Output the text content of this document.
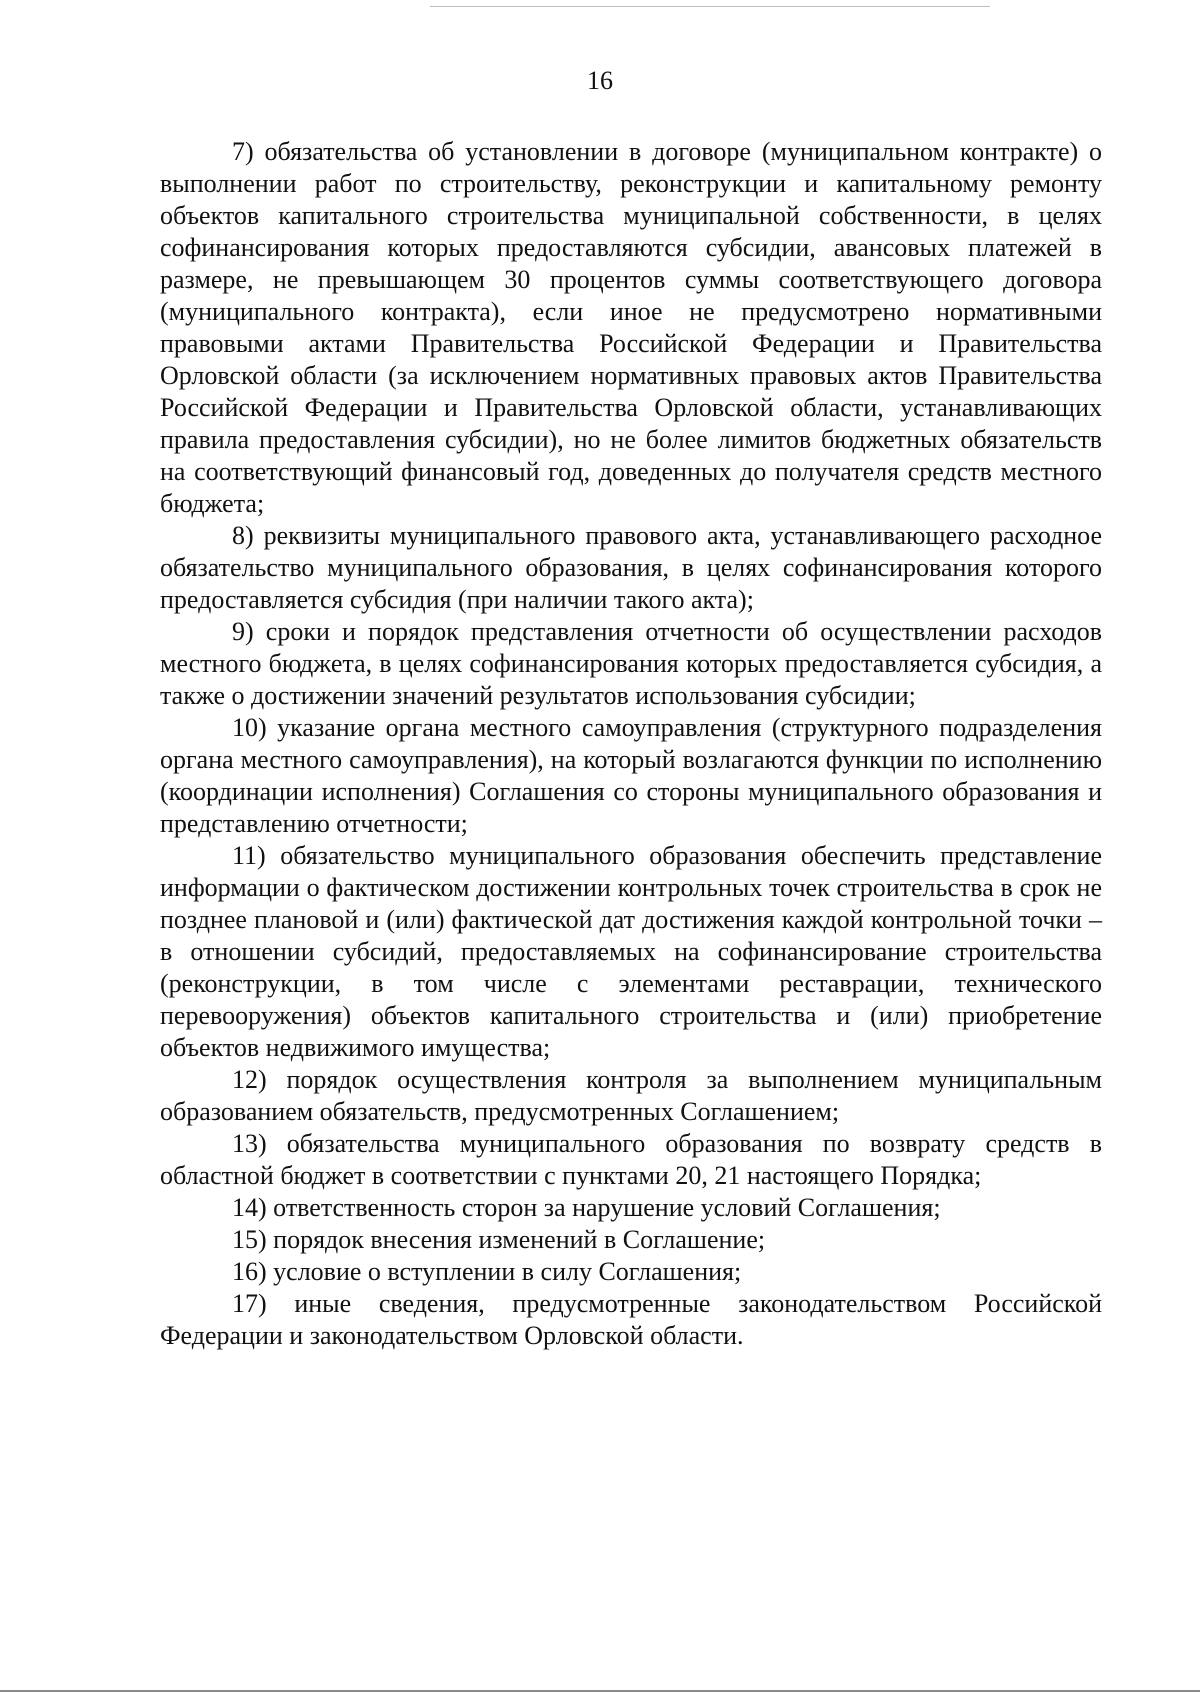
16

7) обязательства об установлении в договоре (муниципальном контракте) о выполнении работ по строительству, реконструкции и капитальному ремонту объектов капитального строительства муниципальной собственности, в целях софинансирования которых предоставляются субсидии, авансовых платежей в размере, не превышающем 30 процентов суммы соответствующего договора (муниципального контракта), если иное не предусмотрено нормативными правовыми актами Правительства Российской Федерации и Правительства Орловской области (за исключением нормативных правовых актов Правительства Российской Федерации и Правительства Орловской области, устанавливающих правила предоставления субсидии), но не более лимитов бюджетных обязательств на соответствующий финансовый год, доведенных до получателя средств местного бюджета;

8) реквизиты муниципального правового акта, устанавливающего расходное обязательство муниципального образования, в целях софинансирования которого предоставляется субсидия (при наличии такого акта);

9) сроки и порядок представления отчетности об осуществлении расходов местного бюджета, в целях софинансирования которых предоставляется субсидия, а также о достижении значений результатов использования субсидии;

10) указание органа местного самоуправления (структурного подразделения органа местного самоуправления), на который возлагаются функции по исполнению (координации исполнения) Соглашения со стороны муниципального образования и представлению отчетности;

11) обязательство муниципального образования обеспечить представление информации о фактическом достижении контрольных точек строительства в срок не позднее плановой и (или) фактической дат достижения каждой контрольной точки – в отношении субсидий, предоставляемых на софинансирование строительства (реконструкции, в том числе с элементами реставрации, технического перевооружения) объектов капитального строительства и (или) приобретение объектов недвижимого имущества;

12) порядок осуществления контроля за выполнением муниципальным образованием обязательств, предусмотренных Соглашением;

13) обязательства муниципального образования по возврату средств в областной бюджет в соответствии с пунктами 20, 21 настоящего Порядка;

14) ответственность сторон за нарушение условий Соглашения;

15) порядок внесения изменений в Соглашение;

16) условие о вступлении в силу Соглашения;

17) иные сведения, предусмотренные законодательством Российской Федерации и законодательством Орловской области.
